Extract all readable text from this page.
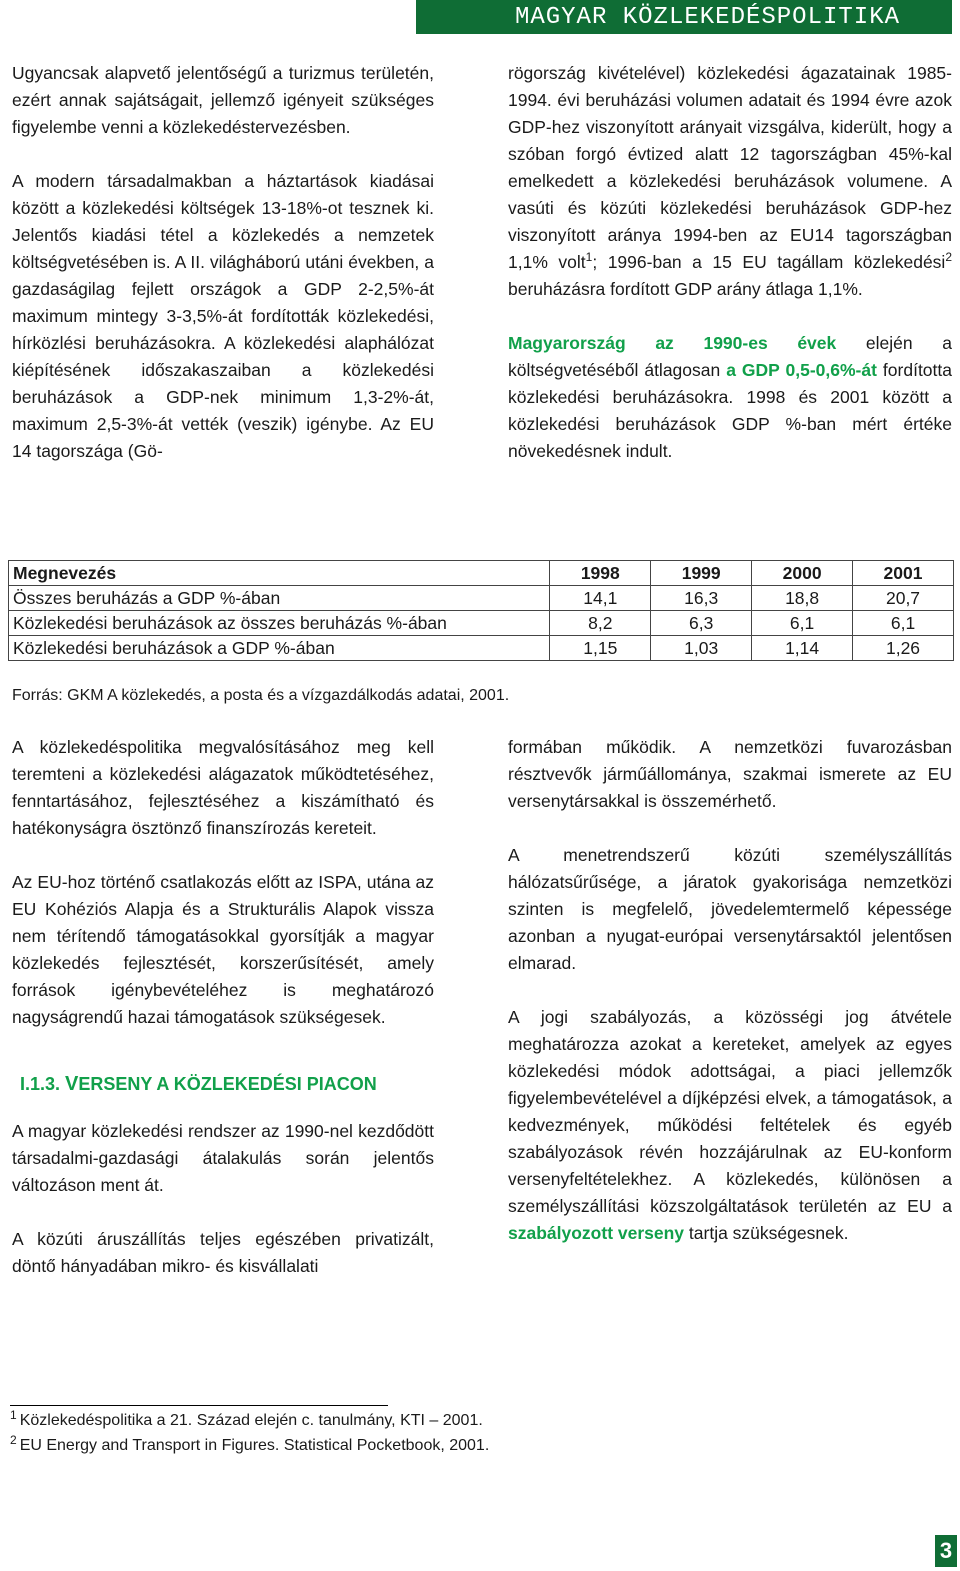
MAGYAR KÖZLEKEDÉSPOLITIKA

Ugyancsak alapvető jelentőségű a turizmus területén, ezért annak sajátságait, jellemző igényeit szükséges figyelembe venni a közlekedéstervezésben.

A modern társadalmakban a háztartások kiadásai között a közlekedési költségek 13-18%-ot tesznek ki. Jelentős kiadási tétel a közlekedés a nemzetek költségvetésében is. A II. világháború utáni években, a gazdaságilag fejlett országok a GDP 2-2,5%-át maximum mintegy 3-3,5%-át fordították közlekedési, hírközlési beruházásokra. A közlekedési alaphálózat kiépítésének időszakaszaiban a közlekedési beruházások a GDP-nek minimum 1,3-2%-át, maximum 2,5-3%-át vették (veszik) igénybe. Az EU 14 tagországa (Gö-

rögország kivételével) közlekedési ágazatainak 1985-1994. évi beruházási volumen adatait és 1994 évre azok GDP-hez viszonyított arányait vizsgálva, kiderült, hogy a szóban forgó évtized alatt 12 tagországban 45%-kal emelkedett a közlekedési beruházások volumene. A vasúti és közúti közlekedési beruházások GDP-hez viszonyított aránya 1994-ben az EU14 tagországban 1,1% volt$^1$; 1996-ban a 15 EU tagállam közlekedési$^2$ beruházásra fordított GDP arány átlaga 1,1%.

Magyarország az 1990-es évek elején a költségvetéséből átlagosan a GDP 0,5-0,6%-át fordította közlekedési beruházásokra. 1998 és 2001 között a közlekedési beruházások GDP %-ban mért értéke növekedésnek indult.

Megnevezés	1998	1999	2000	2001
Összes beruházás a GDP %-ában	14,1	16,3	18,8	20,7
Közlekedési beruházások az összes beruházás %-ában	8,2	6,3	6,1	6,1
Közlekedési beruházások a GDP %-ában	1,15	1,03	1,14	1,26
Forrás: GKM A közlekedés, a posta és a vízgazdálkodás adatai, 2001.

A közlekedéspolitika megvalósításához meg kell teremteni a közlekedési alágazatok működtetéséhez, fenntartásához, fejlesztéséhez a kiszámítható és hatékonyságra ösztönző finanszírozás kereteit.

Az EU-hoz történő csatlakozás előtt az ISPA, utána az EU Kohéziós Alapja és a Strukturális Alapok vissza nem térítendő támogatásokkal gyorsítják a magyar közlekedés fejlesztését, korszerűsítését, amely források igénybevételéhez is meghatározó nagyságrendű hazai támogatások szükségesek.

I.1.3. VERSENY A KÖZLEKEDÉSI PIACON

A magyar közlekedési rendszer az 1990-nel kezdődött társadalmi-gazdasági átalakulás során jelentős változáson ment át.

A közúti áruszállítás teljes egészében privatizált, döntő hányadában mikro- és kisvállalati

formában működik. A nemzetközi fuvarozásban résztvevők járműállománya, szakmai ismerete az EU versenytársakkal is összemérhető.

A menetrendszerű közúti személyszállítás hálózatsűrűsége, a járatok gyakorisága nemzetközi szinten is megfelelő, jövedelemtermelő képessége azonban a nyugat-európai versenytársaktól jelentősen elmarad.

A jogi szabályozás, a közösségi jog átvétele meghatározza azokat a kereteket, amelyek az egyes közlekedési módok adottságai, a piaci jellemzők figyelembevételével a díjképzési elvek, a támogatások, a kedvezmények, működési feltételek és egyéb szabályozások révén hozzájárulnak az EU-konform versenyfeltételekhez. A közlekedés, különösen a személyszállítási közszolgáltatások területén az EU a szabályozott verseny tartja szükségesnek.

$^1$ Közlekedéspolitika a 21. Század elején c. tanulmány, KTI – 2001.
$^2$ EU Energy and Transport in Figures. Statistical Pocketbook, 2001.
3
